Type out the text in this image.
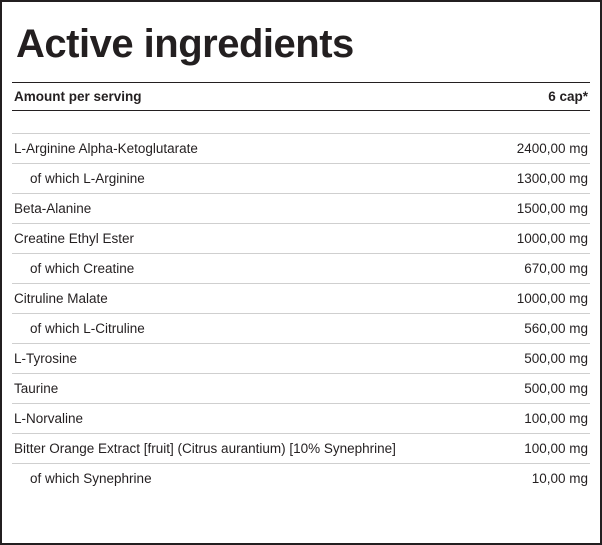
Active ingredients
Amount per serving	6 cap*

L-Arginine Alpha-Ketoglutarate	2400,00 mg
of which L-Arginine	1300,00 mg
Beta-Alanine	1500,00 mg
Creatine Ethyl Ester	1000,00 mg
of which Creatine	670,00 mg
Citruline Malate	1000,00 mg
of which L-Citruline	560,00 mg
L-Tyrosine	500,00 mg
Taurine	500,00 mg
L-Norvaline	100,00 mg
Bitter Orange Extract [fruit] (Citrus aurantium) [10% Synephrine]	100,00 mg
of which Synephrine	10,00 mg
